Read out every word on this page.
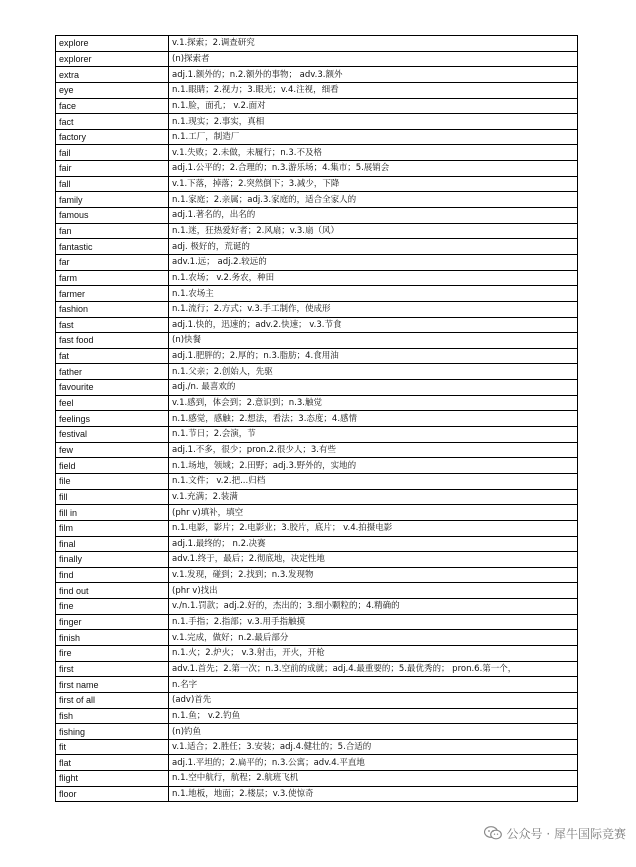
explore	v.1.探索；2.调查研究
explorer	(n)探索者
extra	adj.1.额外的；n.2.额外的事物； adv.3.额外
eye	n.1.眼睛；2.视力；3.眼光；v.4.注视，细看
face	n.1.脸，面孔； v.2.面对
fact	n.1.现实；2.事实，真相
factory	n.1.工厂，制造厂
fail	v.1.失败；2.未做，未履行；n.3.不及格
fair	adj.1.公平的；2.合理的；n.3.游乐场；4.集市；5.展销会
fall	v.1.下落，掉落；2.突然倒下；3.减少，下降
family	n.1.家庭；2.亲属；adj.3.家庭的，适合全家人的
famous	adj.1.著名的，出名的
fan	n.1.迷，狂热爱好者；2.风扇；v.3.扇（风）
fantastic	adj. 极好的，荒诞的
far	adv.1.远； adj.2.较远的
farm	n.1.农场； v.2.务农，种田
farmer	n.1.农场主
fashion	n.1.流行；2.方式；v.3.手工制作，使成形
fast	adj.1.快的，迅速的；adv.2.快速； v.3.节食
fast food	(n)快餐
fat	adj.1.肥胖的；2.厚的；n.3.脂肪；4.食用油
father	n.1.父亲；2.创始人，先驱
favourite	adj./n. 最喜欢的
feel	v.1.感到，体会到；2.意识到；n.3.触觉
feelings	n.1.感觉，感触；2.想法，看法；3.态度；4.感情
festival	n.1.节日；2.会演，节
few	adj.1.不多，很少；pron.2.很少人；3.有些
field	n.1.场地，领域；2.田野；adj.3.野外的，实地的
file	n.1.文件； v.2.把...归档
fill	v.1.充满；2.装满
fill in	(phr v)填补，填空
film	n.1.电影，影片；2.电影业；3.胶片，底片； v.4.拍摄电影
final	adj.1.最终的； n.2.决赛
finally	adv.1.终于，最后；2.彻底地，决定性地
find	v.1.发现，碰到；2.找到；n.3.发现物
find out	(phr v)找出
fine	v./n.1.罚款；adj.2.好的，杰出的；3.细小颗粒的；4.精确的
finger	n.1.手指；2.指部；v.3.用手指触摸
finish	v.1.完成，做好；n.2.最后部分
fire	n.1.火；2.炉火； v.3.射击，开火，开枪
first	adv.1.首先；2.第一次；n.3.空前的成就；adj.4.最重要的；5.最优秀的； pron.6.第一个，
first name	n.名字
first of all	(adv)首先
fish	n.1.鱼； v.2.钓鱼
fishing	(n)钓鱼
fit	v.1.适合；2.胜任；3.安装；adj.4.健壮的；5.合适的
flat	adj.1.平坦的；2.扁平的；n.3.公寓；adv.4.平直地
flight	n.1.空中航行，航程；2.航班飞机
floor	n.1.地板，地面；2.楼层；v.3.使惊奇
公众号 · 犀牛国际竞赛
